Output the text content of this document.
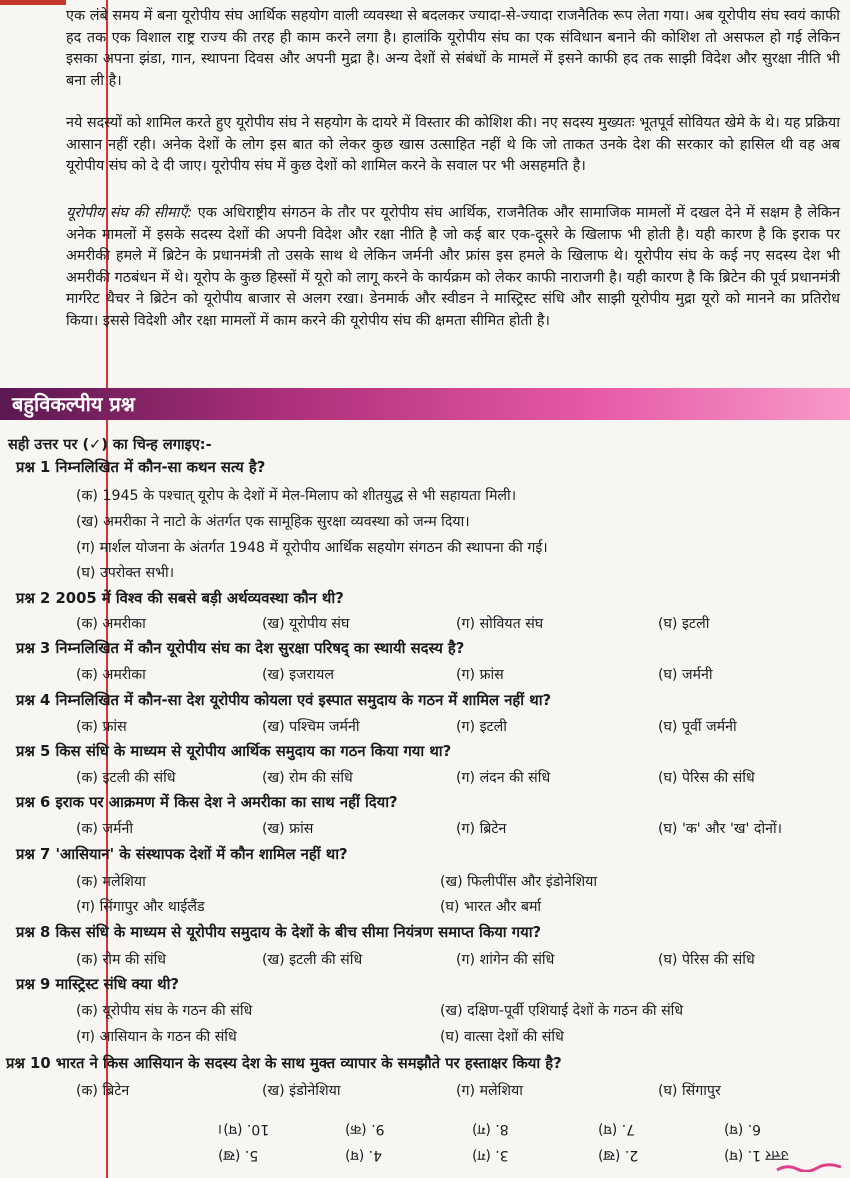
एक लंबे समय में बना यूरोपीय संघ आर्थिक सहयोग वाली व्यवस्था से बदलकर ज्यादा-से-ज्यादा राजनैतिक रूप लेता गया। अब यूरोपीय संघ स्वयं काफी हद तक एक विशाल राष्ट्र राज्य की तरह ही काम करने लगा है। हालांकि यूरोपीय संघ का एक संविधान बनाने की कोशिश तो असफल हो गई लेकिन इसका अपना झंडा, गान, स्थापना दिवस और अपनी मुद्रा है। अन्य देशों से संबंधों के मामलें में इसने काफी हद तक साझी विदेश और सुरक्षा नीति भी बना ली है।

नये सदस्यों को शामिल करते हुए यूरोपीय संघ ने सहयोग के दायरे में विस्तार की कोशिश की। नए सदस्य मुख्यतः भूतपूर्व सोवियत खेमे के थे। यह प्रक्रिया आसान नहीं रही। अनेक देशों के लोग इस बात को लेकर कुछ खास उत्साहित नहीं थे कि जो ताकत उनके देश की सरकार को हासिल थी वह अब यूरोपीय संघ को दे दी जाए। यूरोपीय संघ में कुछ देशों को शामिल करने के सवाल पर भी असहमति है।

यूरोपीय संघ की सीमाएँ: एक अधिराष्ट्रीय संगठन के तौर पर यूरोपीय संघ आर्थिक, राजनैतिक और सामाजिक मामलों में दखल देने में सक्षम है लेकिन अनेक मामलों में इसके सदस्य देशों की अपनी विदेश और रक्षा नीति है जो कई बार एक-दूसरे के खिलाफ भी होती है। यही कारण है कि इराक पर अमरीकी हमले में ब्रिटेन के प्रधानमंत्री तो उसके साथ थे लेकिन जर्मनी और फ्रांस इस हमले के खिलाफ थे। यूरोपीय संघ के कई नए सदस्य देश भी अमरीकी गठबंधन में थे। यूरोप के कुछ हिस्सों में यूरो को लागू करने के कार्यक्रम को लेकर काफी नाराजगी है। यही कारण है कि ब्रिटेन की पूर्व प्रधानमंत्री मार्गरेट थैचर ने ब्रिटेन को यूरोपीय बाजार से अलग रखा। डेनमार्क और स्वीडन ने मास्ट्रिस्ट संधि और साझी यूरोपीय मुद्रा यूरो को मानने का प्रतिरोध किया। इससे विदेशी और रक्षा मामलों में काम करने की यूरोपीय संघ की क्षमता सीमित होती है।

बहुविकल्पीय प्रश्न
सही उत्तर पर (✓) का चिन्ह लगाइए:-
प्रश्न 1 निम्नलिखित में कौन-सा कथन सत्य है?
(क) 1945 के पश्चात् यूरोप के देशों में मेल-मिलाप को शीतयुद्ध से भी सहायता मिली।
(ख) अमरीका ने नाटो के अंतर्गत एक सामूहिक सुरक्षा व्यवस्था को जन्म दिया।
(ग) मार्शल योजना के अंतर्गत 1948 में यूरोपीय आर्थिक सहयोग संगठन की स्थापना की गई।
(घ) उपरोक्त सभी।
प्रश्न 2 2005 में विश्व की सबसे बड़ी अर्थव्यवस्था कौन थी?
(क) अमरीका	(ख) यूरोपीय संघ	(ग) सोवियत संघ	(घ) इटली
प्रश्न 3 निम्नलिखित में कौन यूरोपीय संघ का देश सुरक्षा परिषद् का स्थायी सदस्य है?
(क) अमरीका	(ख) इजरायल	(ग) फ्रांस	(घ) जर्मनी
प्रश्न 4 निम्नलिखित में कौन-सा देश यूरोपीय कोयला एवं इस्पात समुदाय के गठन में शामिल नहीं था?
(क) फ्रांस	(ख) पश्चिम जर्मनी	(ग) इटली	(घ) पूर्वी जर्मनी
प्रश्न 5 किस संधि के माध्यम से यूरोपीय आर्थिक समुदाय का गठन किया गया था?
(क) इटली की संधि	(ख) रोम की संधि	(ग) लंदन की संधि	(घ) पेरिस की संधि
प्रश्न 6 इराक पर आक्रमण में किस देश ने अमरीका का साथ नहीं दिया?
(क) जर्मनी	(ख) फ्रांस	(ग) ब्रिटेन	(घ) 'क' और 'ख' दोनों।
प्रश्न 7 'आसियान' के संस्थापक देशों में कौन शामिल नहीं था?
(क) मलेशिया	(ख) फिलीपींस और इंडोनेशिया
(ग) सिंगापुर और थाईलैंड	(घ) भारत और बर्मा
प्रश्न 8 किस संधि के माध्यम से यूरोपीय समुदाय के देशों के बीच सीमा नियंत्रण समाप्त किया गया?
(क) रोम की संधि	(ख) इटली की संधि	(ग) शांगेन की संधि	(घ) पेरिस की संधि
प्रश्न 9 मास्ट्रिस्ट संधि क्या थी?
(क) यूरोपीय संघ के गठन की संधि	(ख) दक्षिण-पूर्वी एशियाई देशों के गठन की संधि
(ग) आसियान के गठन की संधि	(घ) वात्सा देशों की संधि
प्रश्न 10 भारत ने किस आसियान के सदस्य देश के साथ मुक्त व्यापार के समझौते पर हस्ताक्षर किया है?
(क) ब्रिटेन	(ख) इंडोनेशिया	(ग) मलेशिया	(घ) सिंगापुर
10. (घ)।	9. (क)	8. (ग)	7. (घ)	6. (घ)
5. (ख)	4. (घ)	3. (ग)	2. (ख)	उत्तर 1. (घ)
